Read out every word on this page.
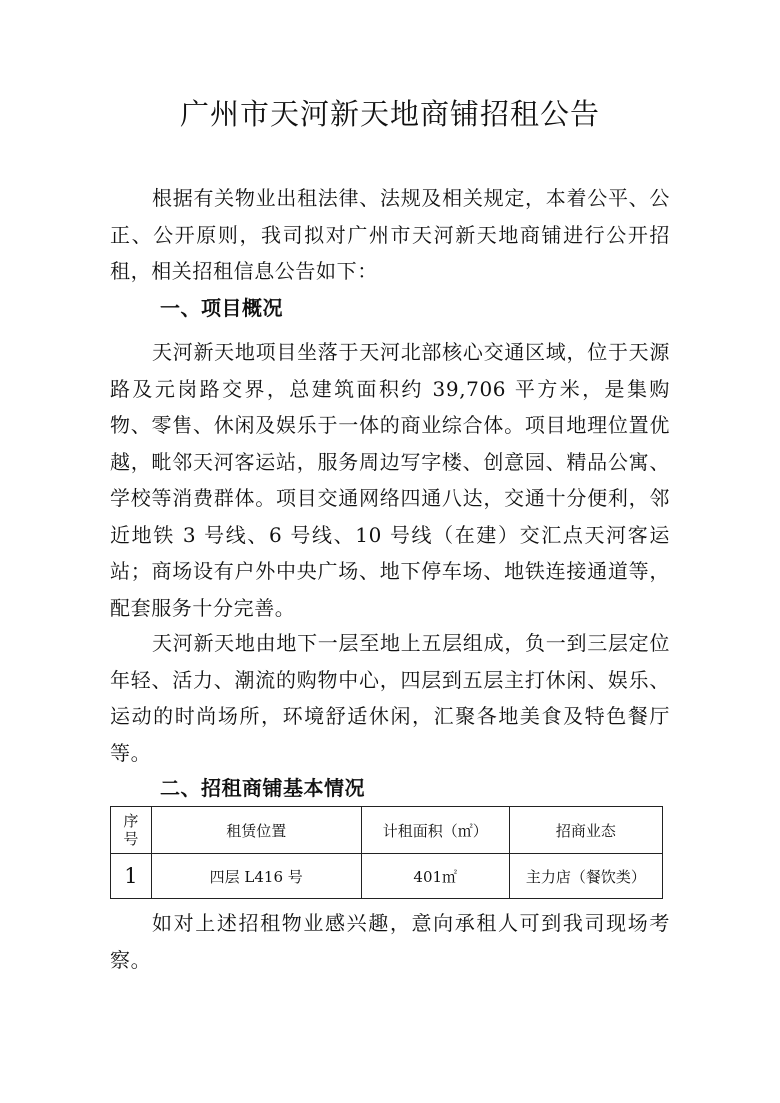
广州市天河新天地商铺招租公告

根据有关物业出租法律、法规及相关规定，本着公平、公正、公开原则，我司拟对广州市天河新天地商铺进行公开招租，相关招租信息公告如下：

一、项目概况

天河新天地项目坐落于天河北部核心交通区域，位于天源路及元岗路交界，总建筑面积约 39,706 平方米，是集购物、零售、休闲及娱乐于一体的商业综合体。项目地理位置优越，毗邻天河客运站，服务周边写字楼、创意园、精品公寓、学校等消费群体。项目交通网络四通八达，交通十分便利，邻近地铁 3 号线、6 号线、10 号线（在建）交汇点天河客运站；商场设有户外中央广场、地下停车场、地铁连接通道等，配套服务十分完善。

天河新天地由地下一层至地上五层组成，负一到三层定位年轻、活力、潮流的购物中心，四层到五层主打休闲、娱乐、运动的时尚场所，环境舒适休闲，汇聚各地美食及特色餐厅等。

二、招租商铺基本情况
序号	租赁位置	计租面积（㎡）	招商业态
1	四层 L416 号	401㎡	主力店（餐饮类）

如对上述招租物业感兴趣，意向承租人可到我司现场考察。
